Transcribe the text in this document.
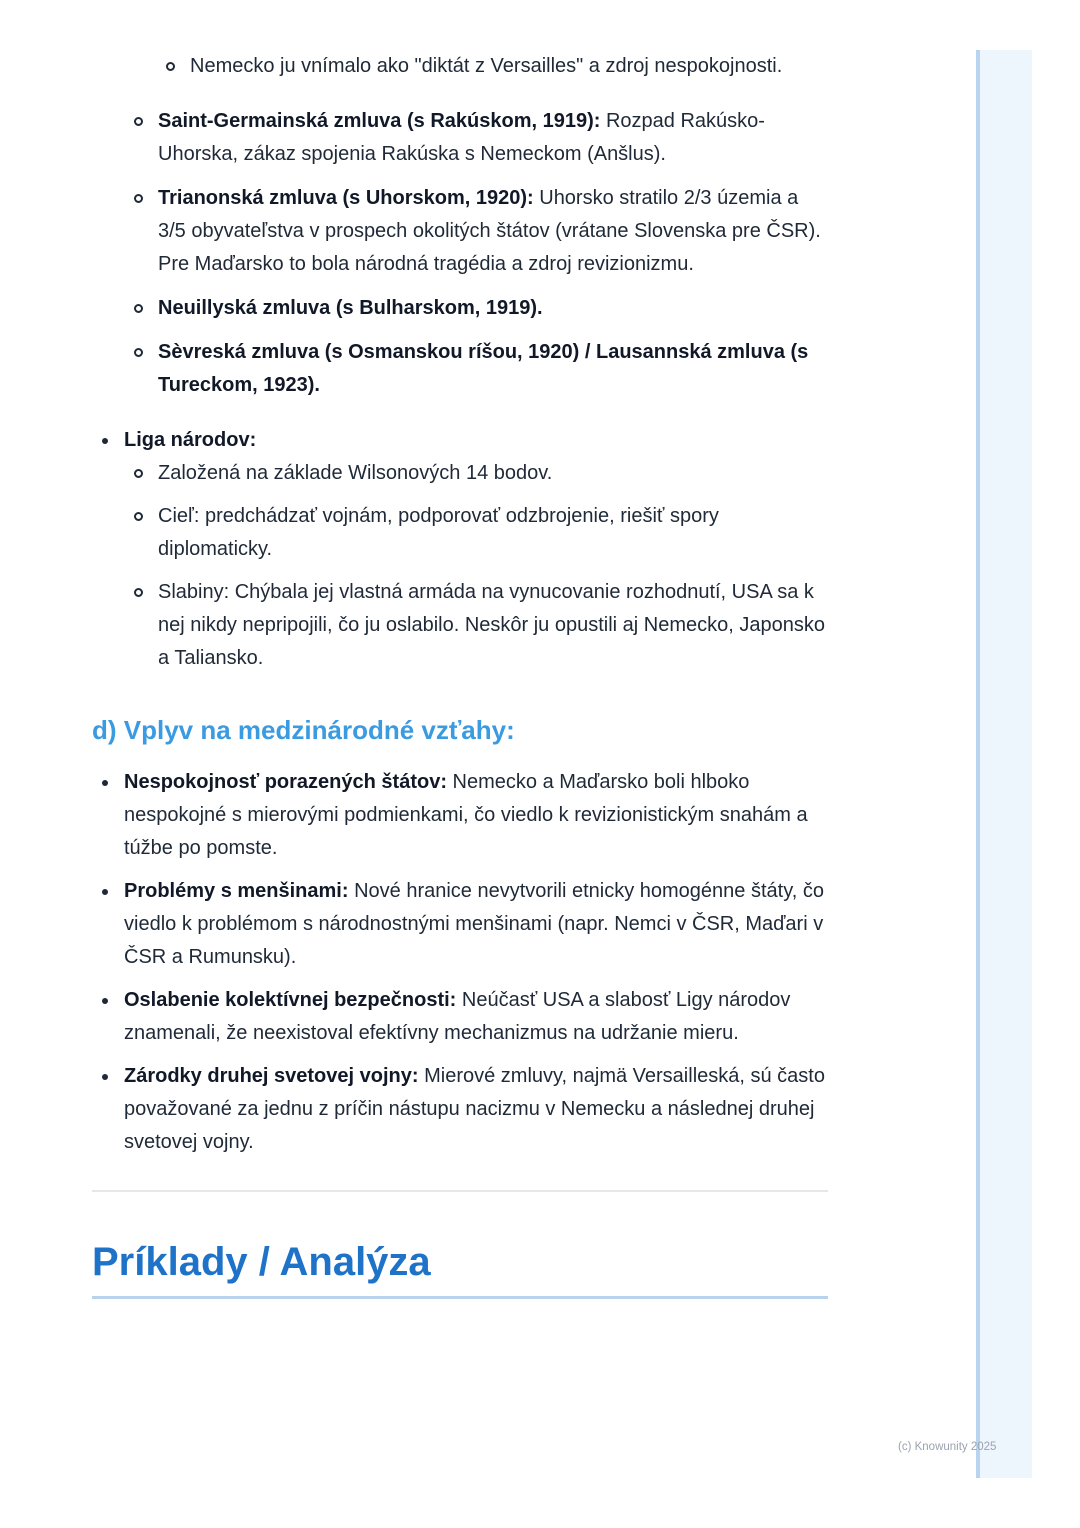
Nemecko ju vnímalo ako "diktát z Versailles" a zdroj nespokojnosti.
Saint-Germainská zmluva (s Rakúskom, 1919): Rozpad Rakúsko-Uhorska, zákaz spojenia Rakúska s Nemeckom (Anšlus).
Trianonská zmluva (s Uhorskom, 1920): Uhorsko stratilo 2/3 územia a 3/5 obyvateľstva v prospech okolitých štátov (vrátane Slovenska pre ČSR). Pre Maďarsko to bola národná tragédia a zdroj revizionizmu.
Neuillyská zmluva (s Bulharskom, 1919).
Sèvreská zmluva (s Osmanskou ríšou, 1920) / Lausannská zmluva (s Tureckom, 1923).
Liga národov:
Založená na základe Wilsonových 14 bodov.
Cieľ: predchádzať vojnám, podporovať odzbrojenie, riešiť spory diplomaticky.
Slabiny: Chýbala jej vlastná armáda na vynucovanie rozhodnutí, USA sa k nej nikdy nepripojili, čo ju oslabilo. Neskôr ju opustili aj Nemecko, Japonsko a Taliansko.
d) Vplyv na medzinárodné vzťahy:
Nespokojnosť porazených štátov: Nemecko a Maďarsko boli hlboko nespokojné s mierovými podmienkami, čo viedlo k revizionistickým snahám a túžbe po pomste.
Problémy s menšinami: Nové hranice nevytvorili etnicky homogénne štáty, čo viedlo k problémom s národnostnými menšinami (napr. Nemci v ČSR, Maďari v ČSR a Rumunsku).
Oslabenie kolektívnej bezpečnosti: Neúčasť USA a slabosť Ligy národov znamenali, že neexistoval efektívny mechanizmus na udržanie mieru.
Zárodky druhej svetovej vojny: Mierové zmluvy, najmä Versailleská, sú často považované za jednu z príčin nástupu nacizmu v Nemecku a následnej druhej svetovej vojny.
Príklady / Analýza
(c) Knowunity 2025
